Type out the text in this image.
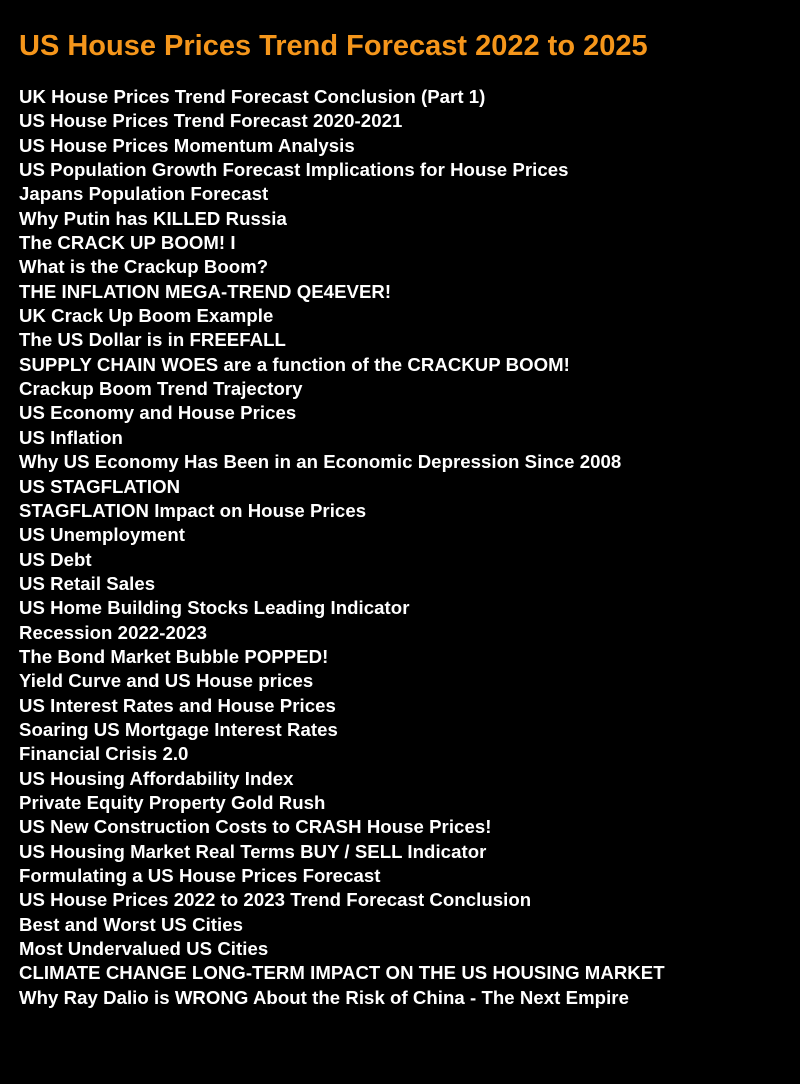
US House Prices Trend Forecast 2022 to 2025
UK House Prices Trend Forecast Conclusion (Part 1)
US House Prices Trend Forecast 2020-2021
US House Prices Momentum Analysis
US Population Growth Forecast Implications for House Prices
Japans Population Forecast
Why Putin has KILLED Russia
The CRACK UP BOOM! I
What is the Crackup Boom?
THE INFLATION MEGA-TREND QE4EVER!
UK Crack Up Boom Example
The US Dollar is in FREEFALL
SUPPLY CHAIN WOES are a function of the CRACKUP BOOM!
Crackup Boom Trend Trajectory
US Economy and House Prices
US Inflation
Why US Economy Has Been in an Economic Depression Since 2008
US STAGFLATION
STAGFLATION Impact on House Prices
US Unemployment
US Debt
US Retail Sales
US Home Building Stocks Leading Indicator
Recession 2022-2023
The Bond Market Bubble POPPED!
Yield Curve and US House prices
US Interest Rates and House Prices
Soaring US Mortgage Interest Rates
Financial Crisis 2.0
US Housing Affordability Index
Private Equity Property Gold Rush
US New Construction Costs to CRASH House Prices!
US Housing Market Real Terms BUY / SELL Indicator
Formulating a US House Prices Forecast
US House Prices 2022 to 2023 Trend Forecast Conclusion
Best and Worst US Cities
Most Undervalued US Cities
CLIMATE CHANGE LONG-TERM IMPACT ON THE US HOUSING MARKET
Why Ray Dalio is WRONG About the Risk of China - The Next Empire
